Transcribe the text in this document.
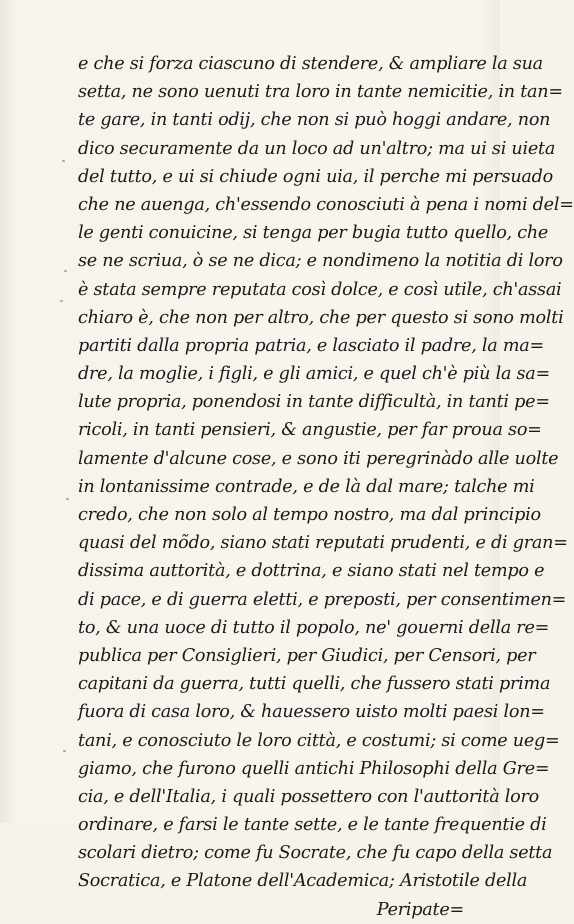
e che si forza ciascuno di stendere, & ampliare la sua
setta, ne sono uenuti tra loro in tante nemicitie, in tan=
te gare, in tanti odij, che non si può hoggi andare, non
dico securamente da un loco ad un'altro; ma ui si uieta
del tutto, e ui si chiude ogni uia, il perche mi persuado
che ne auenga, ch'essendo conosciuti à pena i nomi del=
le genti conuicine, si tenga per bugia tutto quello, che
se ne scriua, ò se ne dica; e nondimeno la notitia di loro
è stata sempre reputata così dolce, e così utile, ch'assai
chiaro è, che non per altro, che per questo si sono molti
partiti dalla propria patria, e lasciato il padre, la ma=
dre, la moglie, i figli, e gli amici, e quel ch'è più la sa=
lute propria, ponendosi in tante difficultà, in tanti pe=
ricoli, in tanti pensieri, & angustie, per far proua so=
lamente d'alcune cose, e sono iti peregrinàdo alle uolte
in lontanissime contrade, e de là dal mare; talche mi
credo, che non solo al tempo nostro, ma dal principio
quasi del mõdo, siano stati reputati prudenti, e di gran=
dissima auttorità, e dottrina, e siano stati nel tempo e
di pace, e di guerra eletti, e preposti, per consentimen=
to, & una uoce di tutto il popolo, ne' gouerni della re=
publica per Consiglieri, per Giudici, per Censori, per
capitani da guerra, tutti quelli, che fussero stati prima
fuora di casa loro, & hauessero uisto molti paesi lon=
tani, e conosciuto le loro città, e costumi; si come ueg=
giamo, che furono quelli antichi Philosophi della Gre=
cia, e dell'Italia, i quali possettero con l'auttorità loro
ordinare, e farsi le tante sette, e le tante frequentie di
scolari dietro; come fu Socrate, che fu capo della setta
Socratica, e Platone dell'Academica; Aristotile della
Peripate=
